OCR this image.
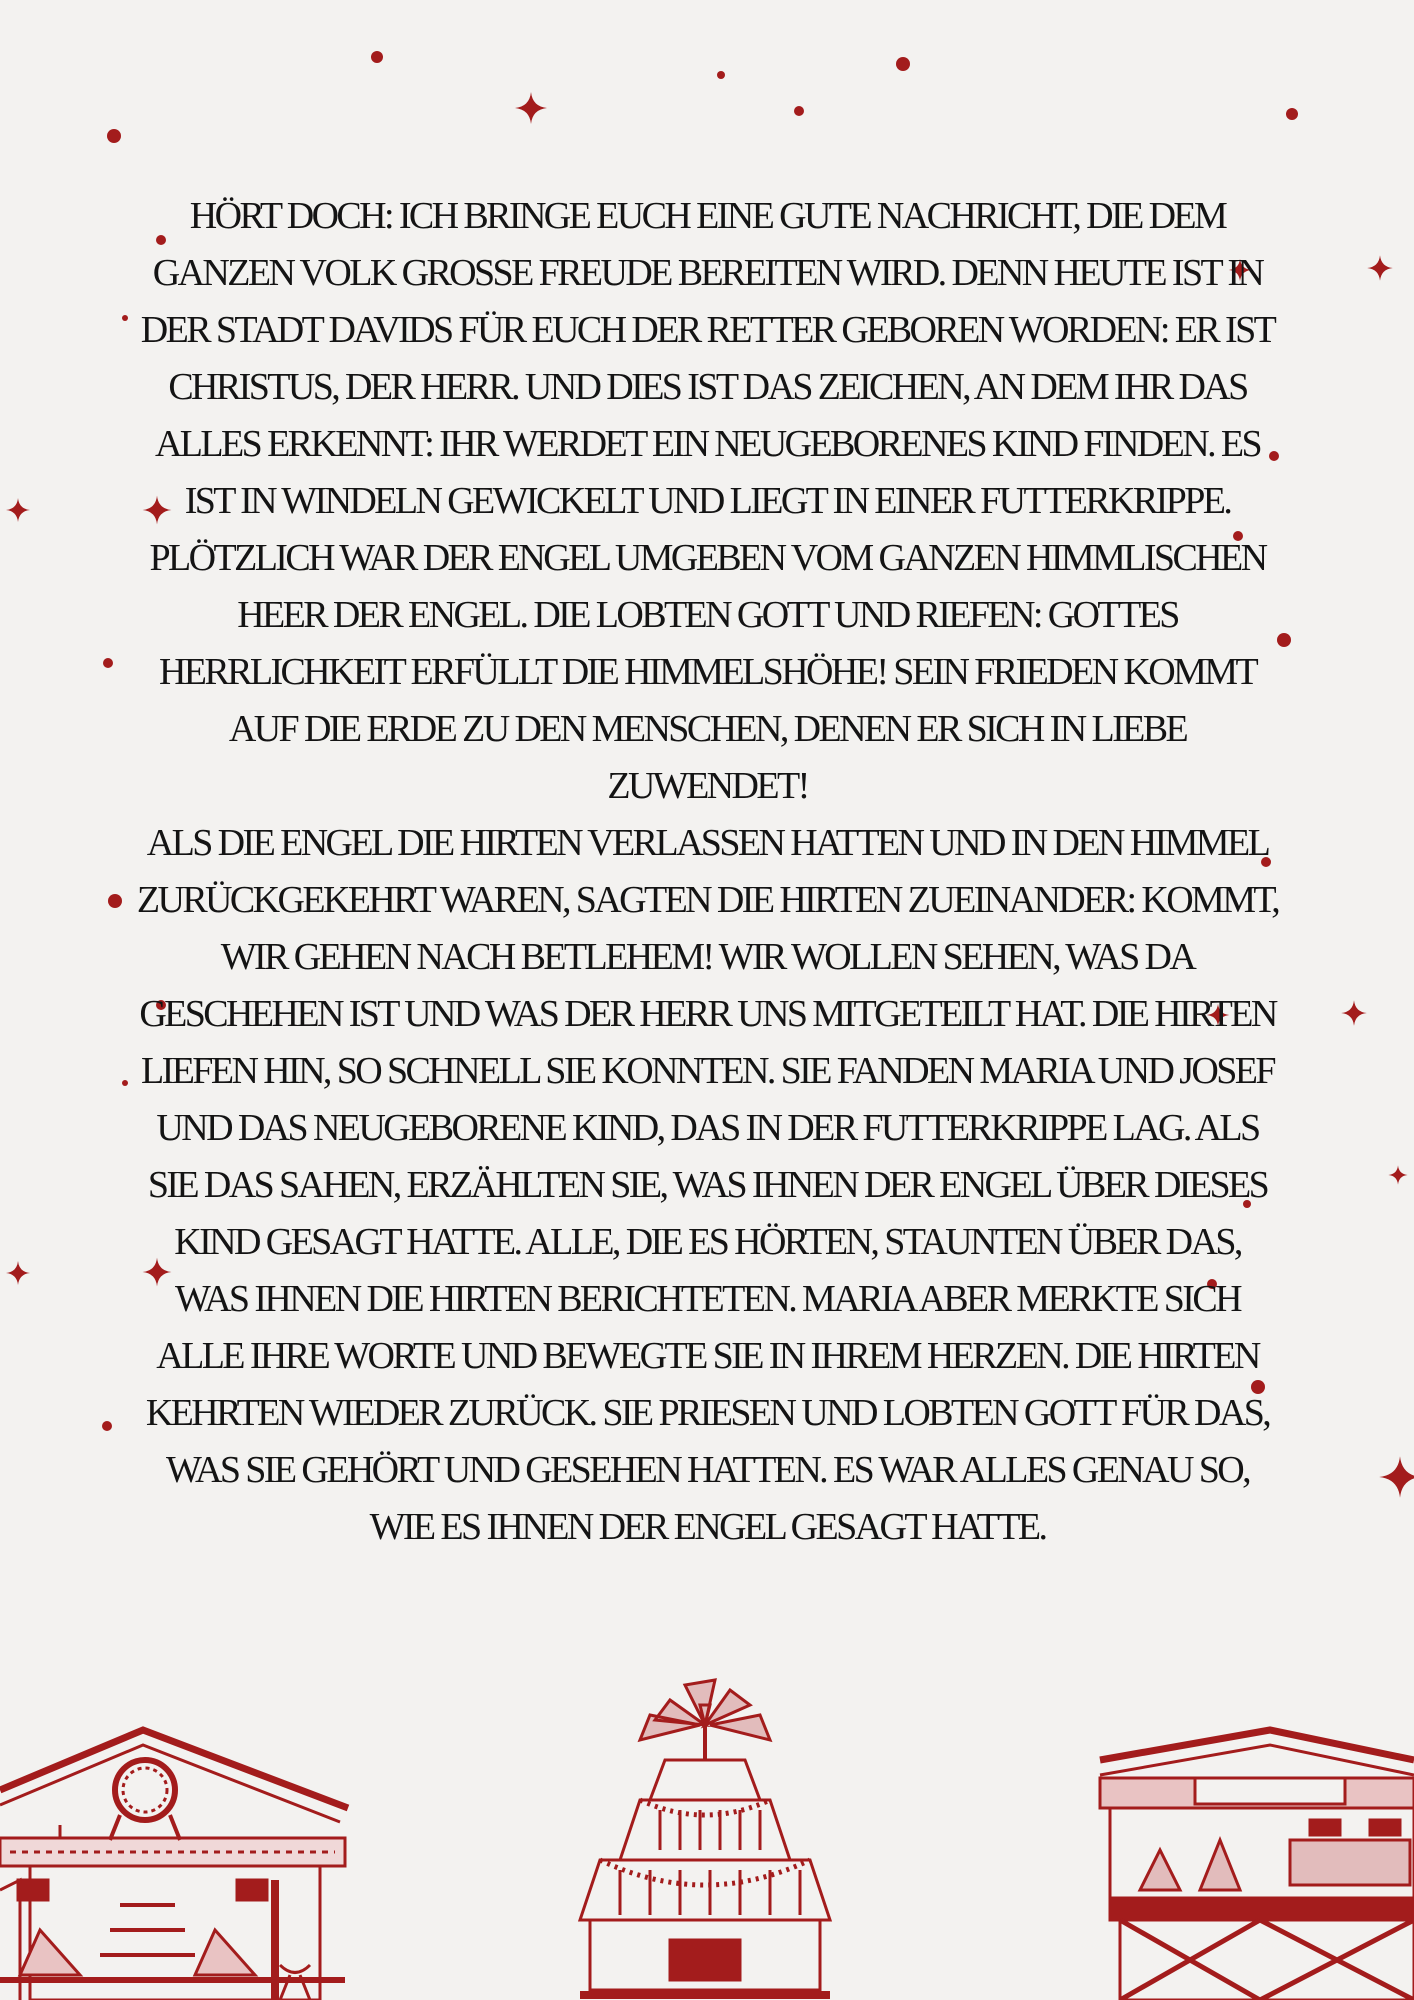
HÖRT DOCH: ICH BRINGE EUCH EINE GUTE NACHRICHT, DIE DEM GANZEN VOLK GROSSE FREUDE BEREITEN WIRD. DENN HEUTE IST IN DER STADT DAVIDS FÜR EUCH DER RETTER GEBOREN WORDEN: ER IST CHRISTUS, DER HERR. UND DIES IST DAS ZEICHEN, AN DEM IHR DAS ALLES ERKENNT: IHR WERDET EIN NEUGEBORENES KIND FINDEN. ES IST IN WINDELN GEWICKELT UND LIEGT IN EINER FUTTERKRIPPE.

PLÖTZLICH WAR DER ENGEL UMGEBEN VOM GANZEN HIMMLISCHEN HEER DER ENGEL. DIE LOBTEN GOTT UND RIEFEN: GOTTES HERRLICHKEIT ERFÜLLT DIE HIMMELSHÖHE! SEIN FRIEDEN KOMMT AUF DIE ERDE ZU DEN MENSCHEN, DENEN ER SICH IN LIEBE ZUWENDET!

ALS DIE ENGEL DIE HIRTEN VERLASSEN HATTEN UND IN DEN HIMMEL ZURÜCKGEKEHRT WAREN, SAGTEN DIE HIRTEN ZUEINANDER: KOMMT, WIR GEHEN NACH BETLEHEM! WIR WOLLEN SEHEN, WAS DA GESCHEHEN IST UND WAS DER HERR UNS MITGETEILT HAT. DIE HIRTEN LIEFEN HIN, SO SCHNELL SIE KONNTEN. SIE FANDEN MARIA UND JOSEF UND DAS NEUGEBORENE KIND, DAS IN DER FUTTERKRIPPE LAG. ALS SIE DAS SAHEN, ERZÄHLTEN SIE, WAS IHNEN DER ENGEL ÜBER DIESES KIND GESAGT HATTE. ALLE, DIE ES HÖRTEN, STAUNTEN ÜBER DAS, WAS IHNEN DIE HIRTEN BERICHTETEN. MARIA ABER MERKTE SICH ALLE IHRE WORTE UND BEWEGTE SIE IN IHREM HERZEN. DIE HIRTEN KEHRTEN WIEDER ZURÜCK. SIE PRIESEN UND LOBTEN GOTT FÜR DAS, WAS SIE GEHÖRT UND GESEHEN HATTEN. ES WAR ALLES GENAU SO, WIE ES IHNEN DER ENGEL GESAGT HATTE.
